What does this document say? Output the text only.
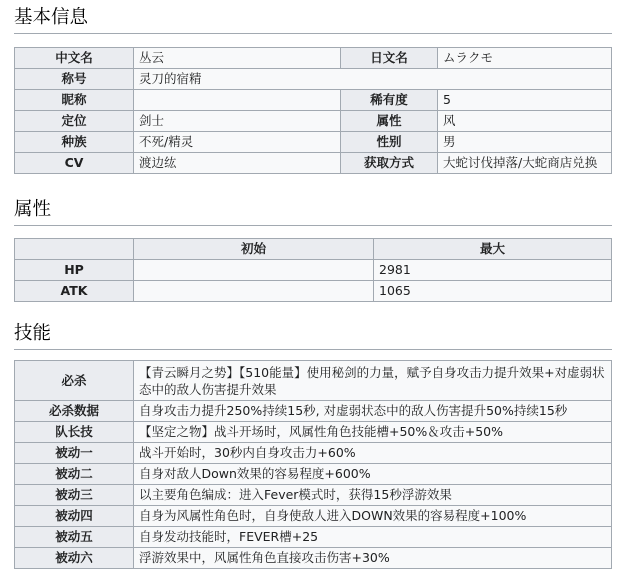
基本信息
中文名	丛云	日文名	ムラクモ
称号	灵刀的宿精		
昵称		稀有度	5
定位	剑士	属性	风
种族	不死/精灵	性别	男
CV	渡边纮	获取方式	大蛇讨伐掉落/大蛇商店兑换
属性
	初始	最大
HP		2981
ATK		1065
技能
必杀	【青云瞬月之势】【510能量】使用秘剑的力量，赋予自身攻击力提升效果+对虚弱状态中的敌人伤害提升效果
必杀数据	自身攻击力提升250%持续15秒, 对虚弱状态中的敌人伤害提升50%持续15秒
队长技	【坚定之物】战斗开场时，风属性角色技能槽+50%＆攻击+50%
被动一	战斗开始时，30秒内自身攻击力+60%
被动二	自身对敌人Down效果的容易程度+600%
被动三	以主要角色编成：进入Fever模式时，获得15秒浮游效果
被动四	自身为风属性角色时，自身使敌人进入DOWN效果的容易程度+100%
被动五	自身发动技能时，FEVER槽+25
被动六	浮游效果中，风属性角色直接攻击伤害+30%
